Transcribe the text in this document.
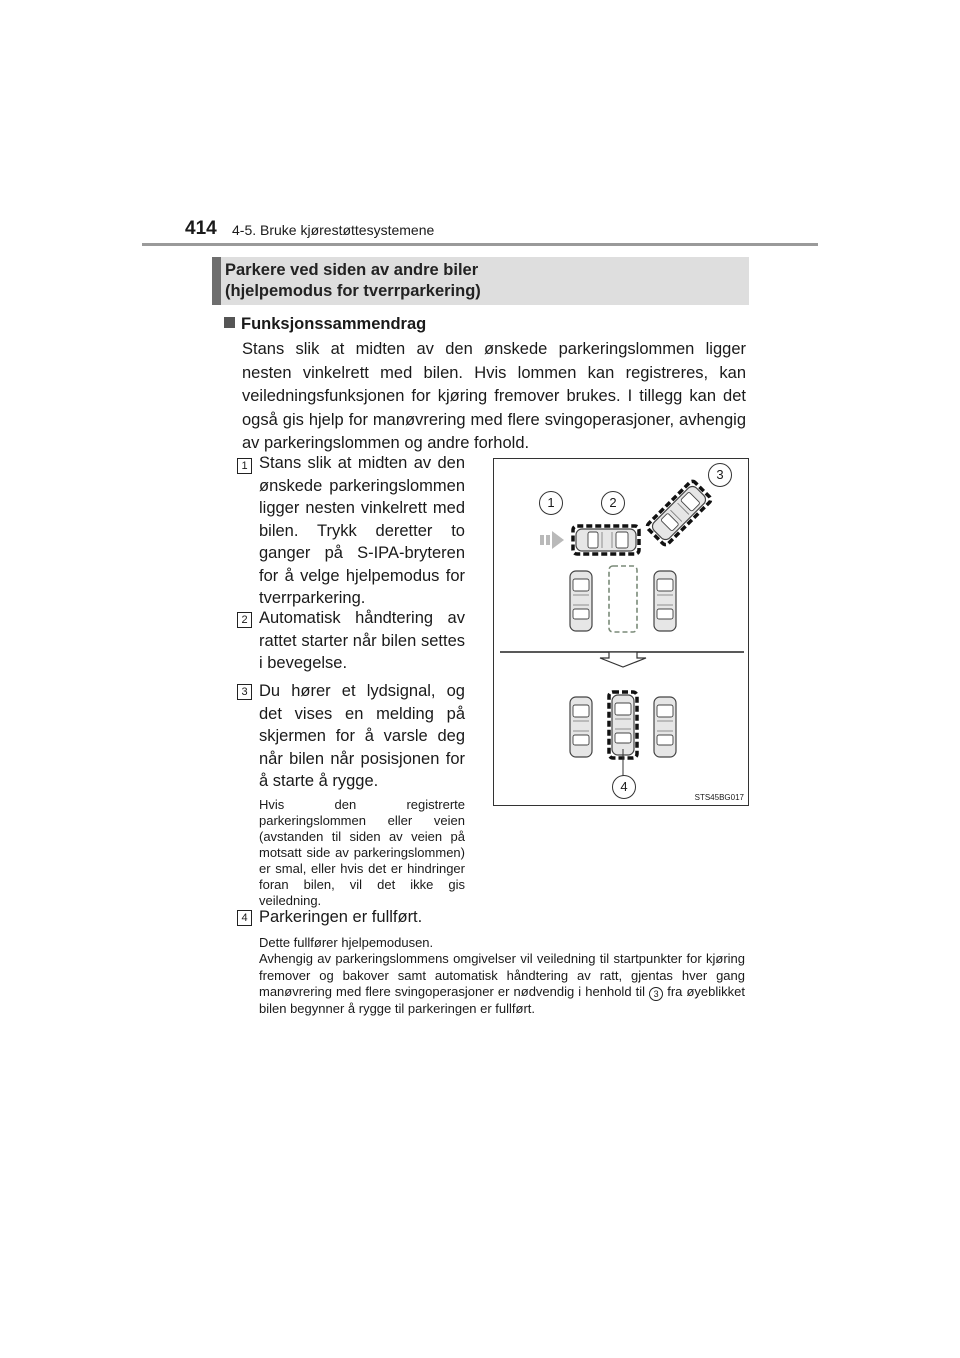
414 4-5. Bruke kjørestøttesystemene
Parkere ved siden av andre biler
(hjelpemodus for tverrparkering)
Funksjonssammendrag
Stans slik at midten av den ønskede parkeringslommen ligger nesten vinkelrett med bilen. Hvis lommen kan registreres, kan veiledningsfunksjonen for kjøring fremover brukes. I tillegg kan det også gis hjelp for manøvrering med flere svingoperasjoner, avhengig av parkeringslommen og andre forhold.
1 Stans slik at midten av den ønskede parkeringslommen ligger nesten vinkelrett med bilen. Trykk deretter to ganger på S-IPA-bryteren for å velge hjelpemodus for tverrparkering.
2 Automatisk håndtering av rattet starter når bilen settes i bevegelse.
3 Du hører et lydsignal, og det vises en melding på skjermen for å varsle deg når bilen når posisjonen for å starte å rygge.
Hvis den registrerte parkeringslommen eller veien (avstanden til siden av veien på motsatt side av parkeringslommen) er smal, eller hvis det er hindringer foran bilen, vil det ikke gis veiledning.
4 Parkeringen er fullført.
Dette fullfører hjelpemodusen.
Avhengig av parkeringslommens omgivelser vil veiledning til startpunkter for kjøring fremover og bakover samt automatisk håndtering av ratt, gjentas hver gang manøvrering med flere svingoperasjoner er nødvendig i henhold til 3 fra øyeblikket bilen begynner å rygge til parkeringen er fullført.
1	2
3
4
STS45BG017
